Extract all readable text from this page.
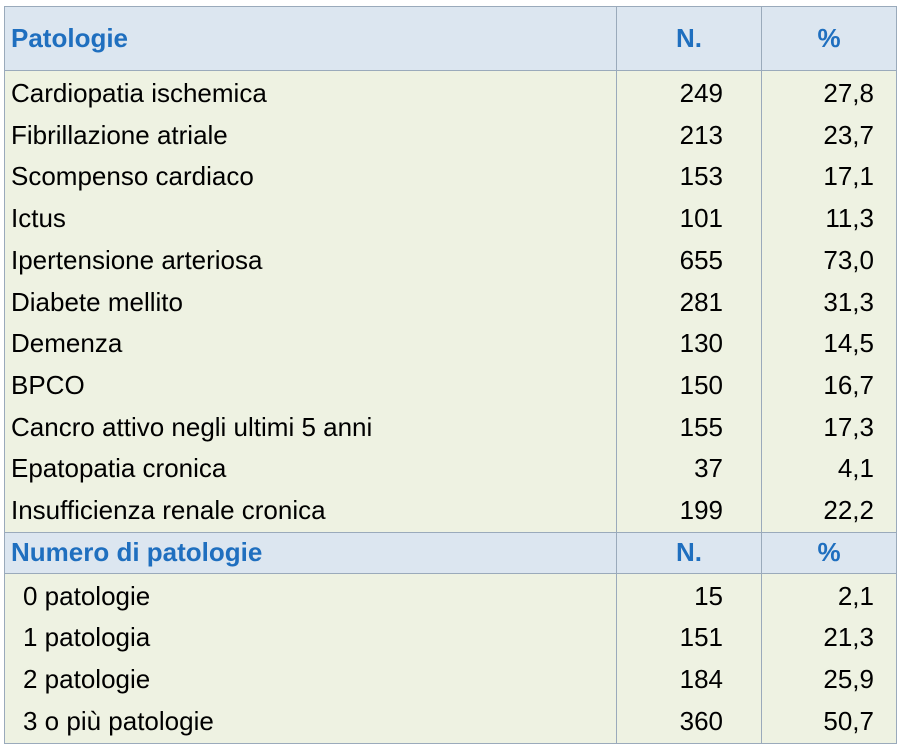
Patologie	N.	%
Cardiopatia ischemica	249	27,8
Fibrillazione atriale	213	23,7
Scompenso cardiaco	153	17,1
Ictus	101	11,3
Ipertensione arteriosa	655	73,0
Diabete mellito	281	31,3
Demenza	130	14,5
BPCO	150	16,7
Cancro attivo negli ultimi 5 anni	155	17,3
Epatopatia cronica	37	4,1
Insufficienza renale cronica	199	22,2
Numero di patologie	N.	%
0 patologie	15	2,1
1 patologia	151	21,3
2 patologie	184	25,9
3 o più patologie	360	50,7
